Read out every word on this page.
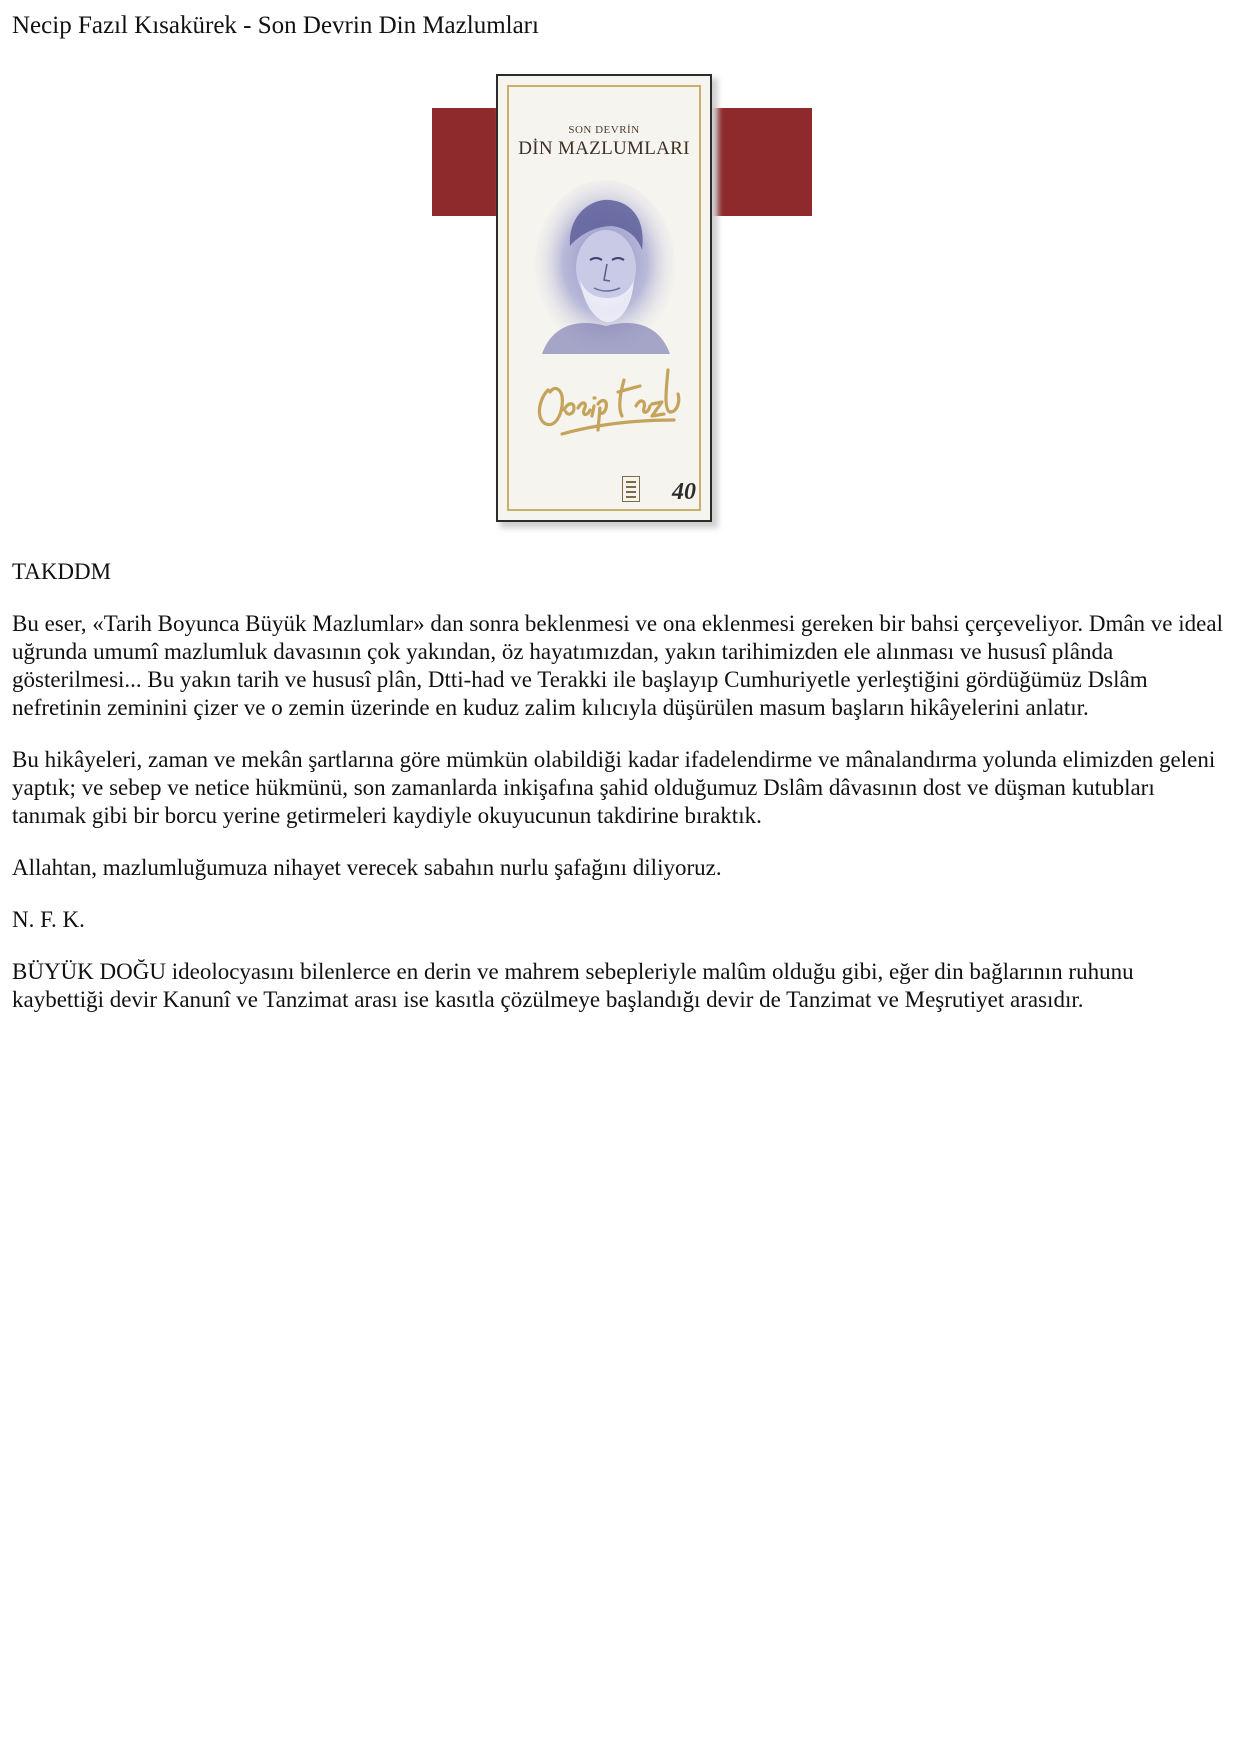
Necip Fazıl Kısakürek - Son Devrin Din Mazlumları
SON DEVRİN
DİN MAZLUMLARI
40

TAKDDM

Bu eser, «Tarih Boyunca Büyük Mazlumlar» dan sonra beklenmesi ve ona eklenmesi gereken bir bahsi çerçeveliyor. Dmân ve ideal uğrunda umumî mazlumluk davasının çok yakından, öz hayatımızdan, yakın tarihimizden ele alınması ve hususî plânda gösterilmesi... Bu yakın tarih ve hususî plân, Dtti-had ve Terakki ile başlayıp Cumhuriyetle yerleştiğini gördüğümüz Dslâm nefretinin zeminini çizer ve o zemin üzerinde en kuduz zalim kılıcıyla düşürülen masum başların hikâyelerini anlatır.

Bu hikâyeleri, zaman ve mekân şartlarına göre mümkün olabildiği kadar ifadelendirme ve mânalandırma yolunda elimizden geleni yaptık; ve sebep ve netice hükmünü, son zamanlarda inkişafına şahid olduğumuz Dslâm dâvasının dost ve düşman kutubları tanımak gibi bir borcu yerine getirmeleri kaydiyle okuyucunun takdirine bıraktık.

Allahtan, mazlumluğumuza nihayet verecek sabahın nurlu şafağını diliyoruz.

N. F. K.

BÜYÜK DOĞU ideolocyasını bilenlerce en derin ve mahrem sebepleriyle malûm olduğu gibi, eğer din bağlarının ruhunu kaybettiği devir Kanunî ve Tanzimat arası ise kasıtla çözülmeye başlandığı devir de Tanzimat ve Meşrutiyet arasıdır.
